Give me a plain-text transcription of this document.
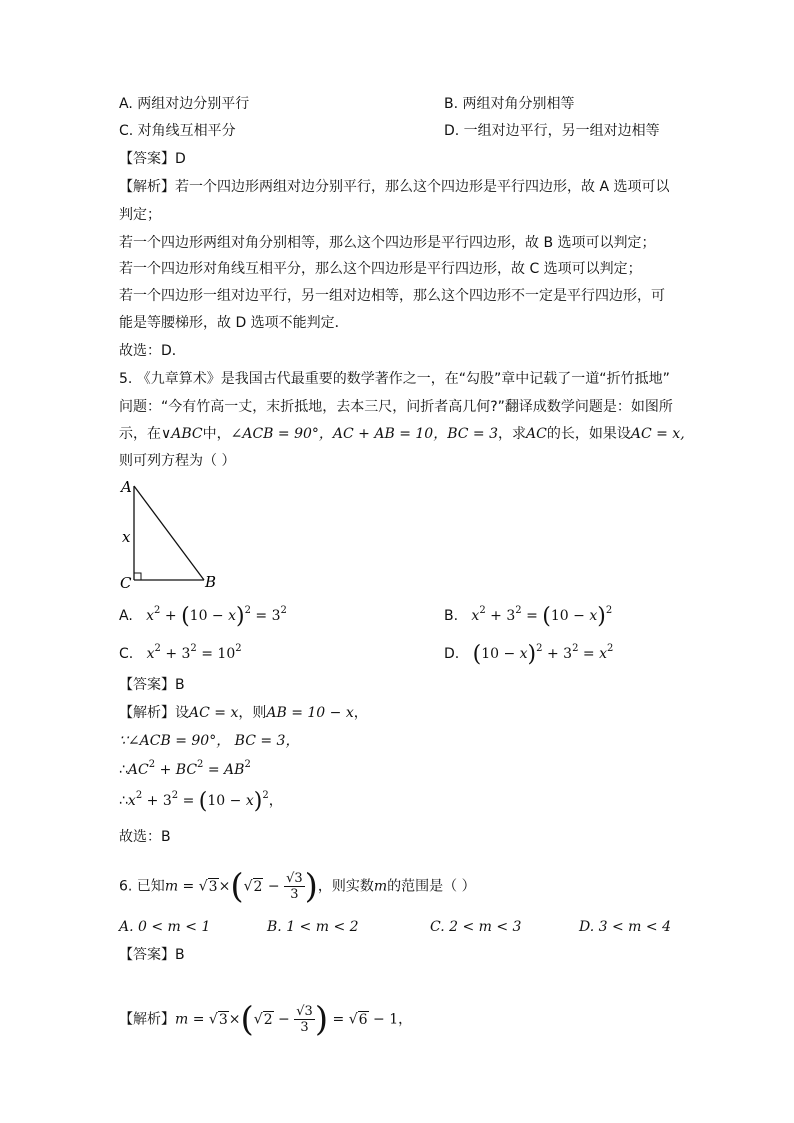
A. 两组对边分别平行	B. 两组对角分别相等
C. 对角线互相平分	D. 一组对边平行，另一组对边相等
【答案】D
【解析】若一个四边形两组对边分别平行，那么这个四边形是平行四边形，故 A 选项可以
判定；
若一个四边形两组对角分别相等，那么这个四边形是平行四边形，故 B 选项可以判定；
若一个四边形对角线互相平分，那么这个四边形是平行四边形，故 C 选项可以判定；
若一个四边形一组对边平行，另一组对边相等，那么这个四边形不一定是平行四边形，可
能是等腰梯形，故 D 选项不能判定．
故选：D．
5. 《九章算术》是我国古代最重要的数学著作之一，在“勾股”章中记载了一道“折竹抵地”
问题：“今有竹高一丈，末折抵地，去本三尺，问折者高几何?”翻译成数学问题是：如图所
示，在∨ABC中，∠ACB = 90°，AC + AB = 10，BC = 3，求AC的长，如果设AC = x,
则可列方程为（ ）
A
x
C	B
A. $x^2 + (10 - x)^2 = 3^2$	B. $x^2 + 3^2 = (10 - x)^2$
C. $x^2 + 3^2 = 10^2$	D. $(10 - x)^2 + 3^2 = x^2$
【答案】B
【解析】设AC = x，则AB = 10 − x，
∵∠ACB = 90°， BC = 3，
$\therefore AC^2 + BC^2 = AB^2$
$\therefore x^2 + 3^2 = (10 - x)^2$，
故选：B
6. 已知$m = √3\times(√2 - \frac{√3}{3}$ )，则实数m的范围是（ ）
A. 0 < m < 1	B. 1 < m < 2	C. 2 < m < 3	D. 3 < m < 4
【答案】B
【解析】$m = √3\times(√2 - \frac{√3}{3}$ ) = √6 − 1，
